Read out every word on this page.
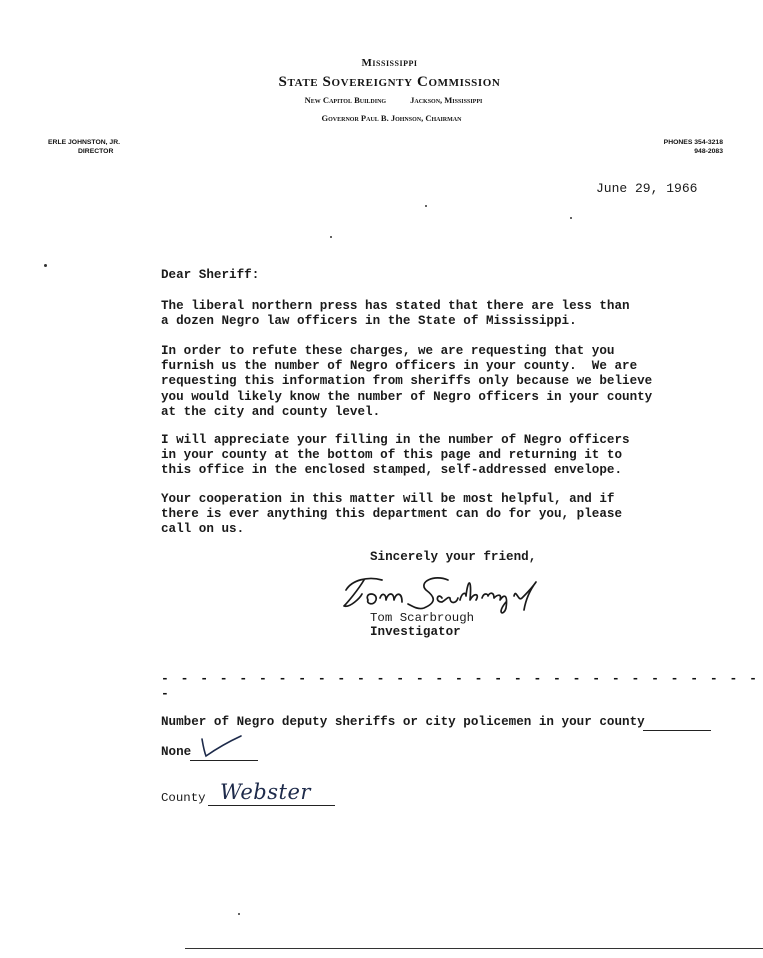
Mississippi
State Sovereignty Commission
New Capitol Building	Jackson, Mississippi
Governor Paul B. Johnson, Chairman
ERLE JOHNSTON, JR.
DIRECTOR
PHONES 354-3218
948-2083
June 29, 1966
Dear Sheriff:
The liberal northern press has stated that there are less than
a dozen Negro law officers in the State of Mississippi.
In order to refute these charges, we are requesting that you
furnish us the number of Negro officers in your county.  We are
requesting this information from sheriffs only because we believe
you would likely know the number of Negro officers in your county
at the city and county level.
I will appreciate your filling in the number of Negro officers
in your county at the bottom of this page and returning it to
this office in the enclosed stamped, self-addressed envelope.
Your cooperation in this matter will be most helpful, and if
there is ever anything this department can do for you, please
call on us.
Sincerely your friend,
Tom Scarbrough
Investigator
- - - - - - - - - - - - - - - - - - - - - - - - - - - - - - - -
Number of Negro deputy sheriffs or city policemen in your county
None
County Webster
